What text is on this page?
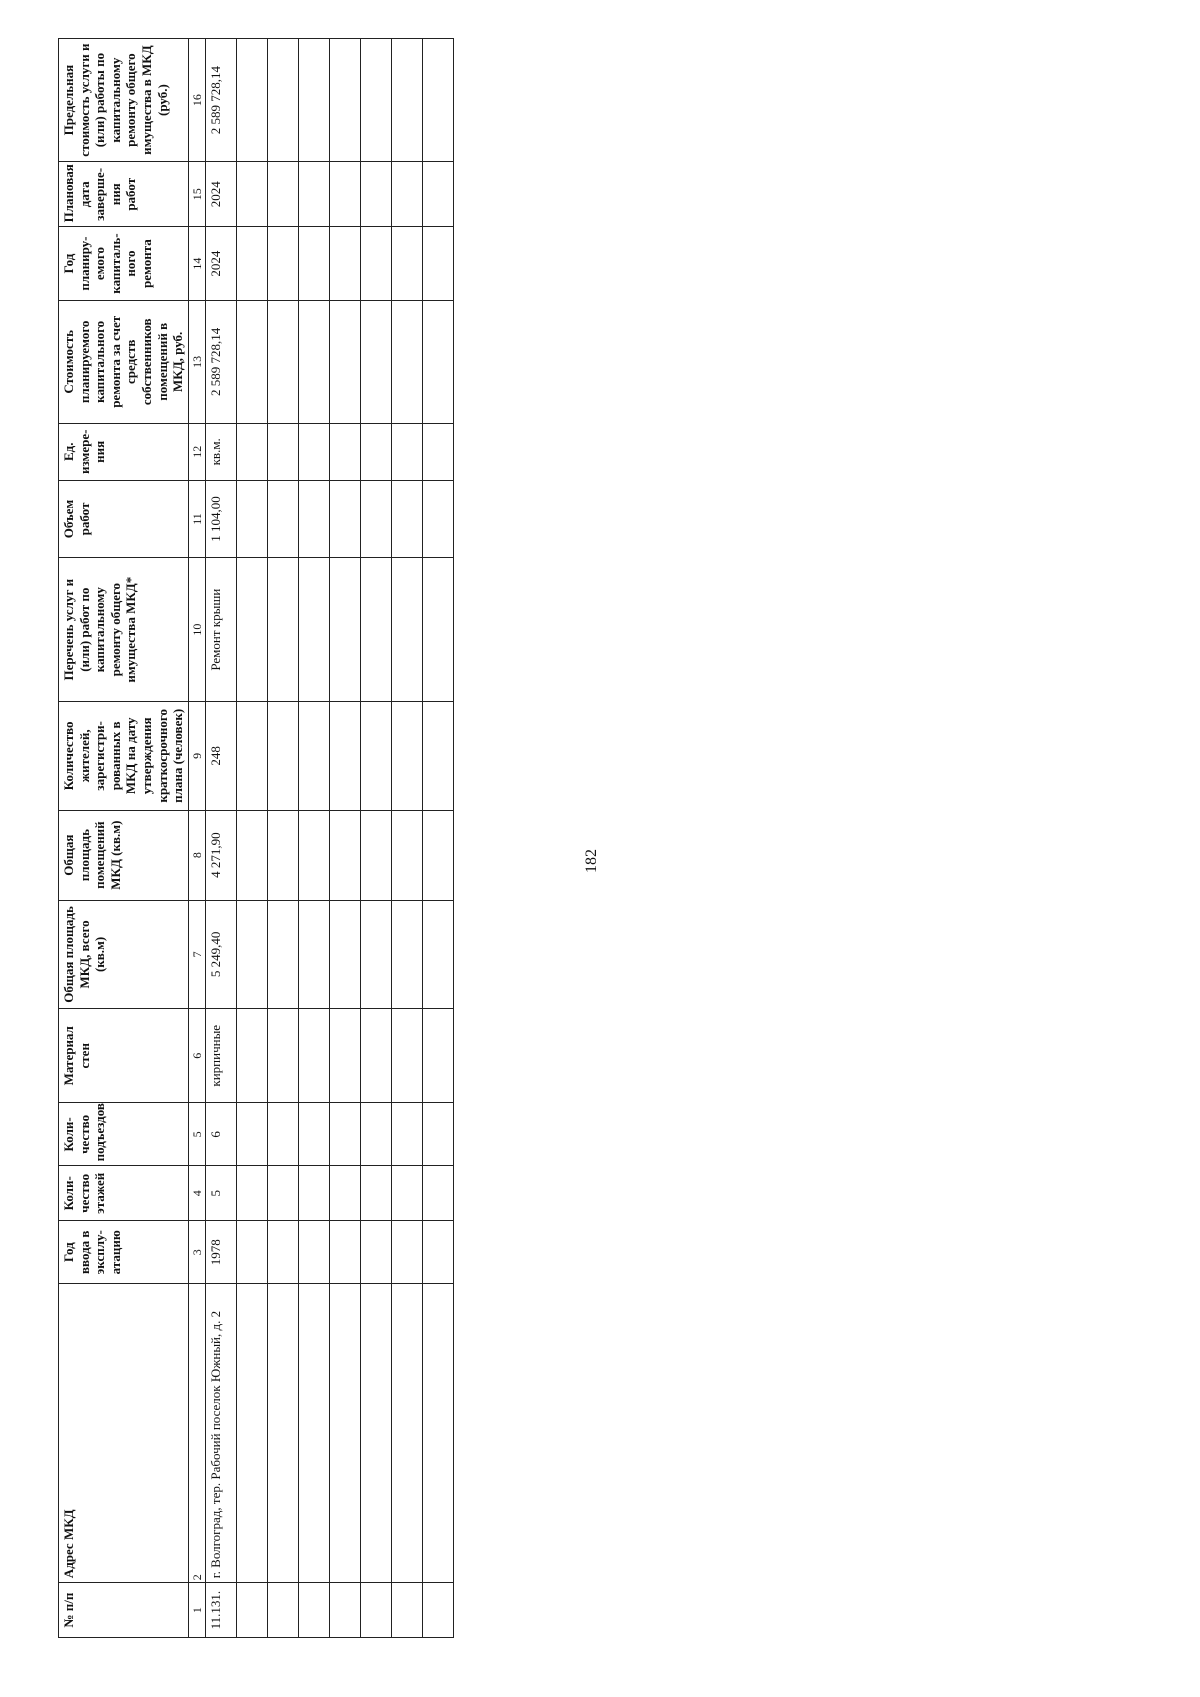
182
№ п/п	Адрес МКД	Год ввода в эксплу- атацию	Коли- чество этажей	Коли- чество подъездов	Материал стен	Общая площадь МКД, всего (кв.м)	Общая площадь помещений МКД (кв.м)	Количество жителей, зарегистри- рованных в МКД на дату утверждения краткосрочного плана (человек)	Перечень услуг и (или) работ по капитальному ремонту общего имущества МКД*	Объем работ	Ед. измере- ния	Стоимость планируемого капитального ремонта за счет средств собственников помещений в МКД, руб.	Год планиру- емого капиталь- ного ремонта	Плановая дата заверше- ния работ	Предельная стоимость услуги и (или) работы по капитальному ремонту общего имущества в МКД (руб.)
1	2	3	4	5	6	7	8	9	10	11	12	13	14	15	16
11.131.	г. Волгоград, тер. Рабочий поселок Южный, д. 2	1978	5	6	кирпичные	5 249,40	4 271,90	248	Ремонт крыши	1 104,00	кв.м.	2 589 728,14	2024	2024	2 589 728,14
